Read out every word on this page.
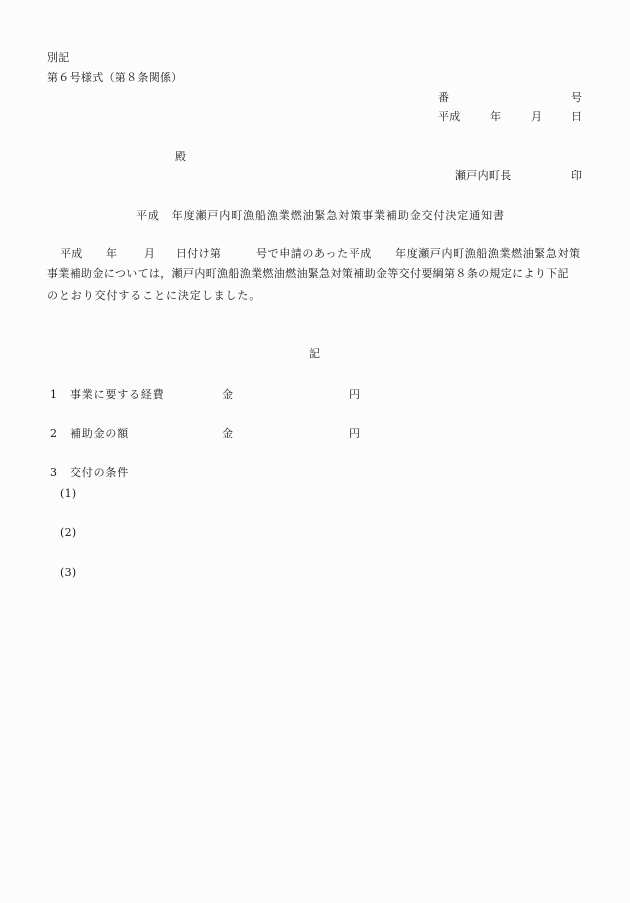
別記
第６号様式（第８条関係）
番	号
平成	年	月	日
殿
瀬戸内町長	印
平成　年度瀬戸内町漁船漁業燃油緊急対策事業補助金交付決定通知書
平成 年 月 日付け第	号で申請のあった平成　　年度瀬戸内町漁船漁業燃油緊急対策
事業補助金については，瀬戸内町漁船漁業燃油燃油緊急対策補助金等交付要綱第８条の規定により下記
のとおり交付することに決定しました。
記
1 事業に要する経費	金	円
2 補助金の額	金	円
3 交付の条件
(1)
(2)
(3)
